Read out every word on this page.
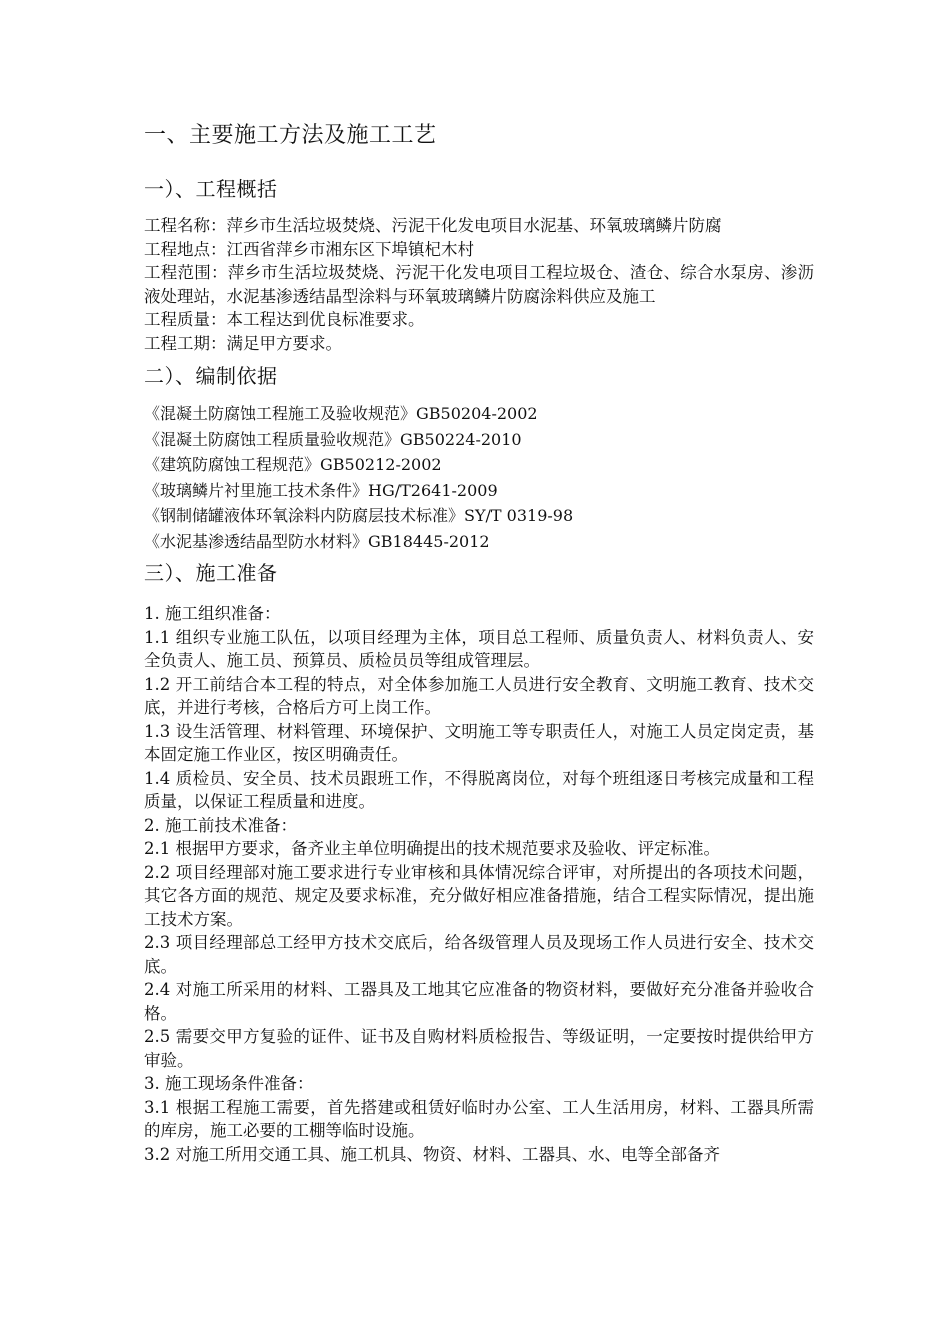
一、主要施工方法及施工工艺
一）、工程概括

工程名称：萍乡市生活垃圾焚烧、污泥干化发电项目水泥基、环氧玻璃鳞片防腐

工程地点：江西省萍乡市湘东区下埠镇杞木村

工程范围：萍乡市生活垃圾焚烧、污泥干化发电项目工程垃圾仓、渣仓、综合水泵房、渗沥液处理站，水泥基渗透结晶型涂料与环氧玻璃鳞片防腐涂料供应及施工

工程质量：本工程达到优良标准要求。

工程工期：满足甲方要求。

二）、编制依据

《混凝土防腐蚀工程施工及验收规范》GB50204-2002

《混凝土防腐蚀工程质量验收规范》GB50224-2010

《建筑防腐蚀工程规范》GB50212-2002

《玻璃鳞片衬里施工技术条件》HG/T2641-2009

《钢制储罐液体环氧涂料内防腐层技术标准》SY/T 0319-98

《水泥基渗透结晶型防水材料》GB18445-2012

三）、施工准备

1. 施工组织准备：

1.1 组织专业施工队伍，以项目经理为主体，项目总工程师、质量负责人、材料负责人、安全负责人、施工员、预算员、质检员员等组成管理层。

1.2 开工前结合本工程的特点，对全体参加施工人员进行安全教育、文明施工教育、技术交底，并进行考核，合格后方可上岗工作。

1.3 设生活管理、材料管理、环境保护、文明施工等专职责任人，对施工人员定岗定责，基本固定施工作业区，按区明确责任。

1.4 质检员、安全员、技术员跟班工作，不得脱离岗位，对每个班组逐日考核完成量和工程质量，以保证工程质量和进度。

2. 施工前技术准备：

2.1 根据甲方要求，备齐业主单位明确提出的技术规范要求及验收、评定标准。

2.2 项目经理部对施工要求进行专业审核和具体情况综合评审，对所提出的各项技术问题，其它各方面的规范、规定及要求标准，充分做好相应准备措施，结合工程实际情况，提出施工技术方案。

2.3 项目经理部总工经甲方技术交底后，给各级管理人员及现场工作人员进行安全、技术交底。

2.4 对施工所采用的材料、工器具及工地其它应准备的物资材料，要做好充分准备并验收合格。

2.5 需要交甲方复验的证件、证书及自购材料质检报告、等级证明，一定要按时提供给甲方审验。

3. 施工现场条件准备：

3.1 根据工程施工需要，首先搭建或租赁好临时办公室、工人生活用房，材料、工器具所需的库房，施工必要的工棚等临时设施。

3.2 对施工所用交通工具、施工机具、物资、材料、工器具、水、电等全部备齐
